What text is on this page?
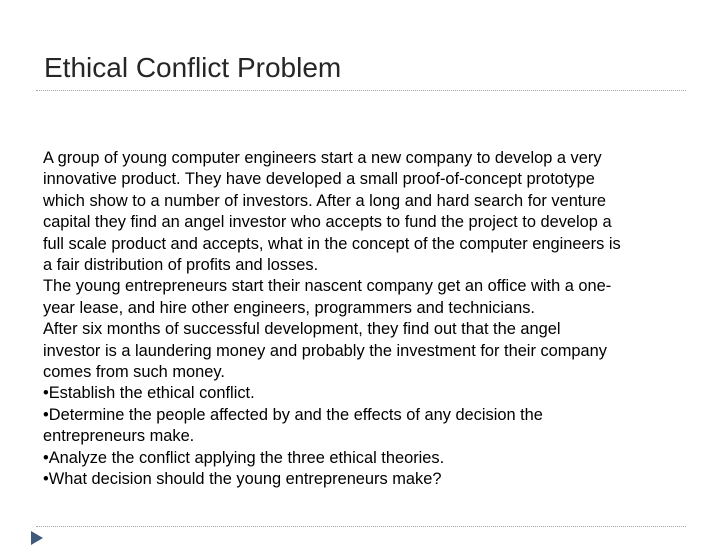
Ethical Conflict Problem
A group of young computer engineers start a new company to develop a very
innovative product. They have developed a small proof-of-concept prototype
which show to a number of investors. After a long and hard search for venture
capital they find an angel investor who accepts to fund the project to develop a
full scale product and accepts, what in the concept of the computer engineers is
a fair distribution of profits and losses.
The young entrepreneurs start their nascent company get an office with a one-
year lease, and hire other engineers, programmers and technicians.
After six months of successful development, they find out that the angel
investor is a laundering money and probably the investment for their company
comes from such money.
•Establish the ethical conflict.
•Determine the people affected by and the effects of any decision the
entrepreneurs make.
•Analyze the conflict applying the three ethical theories.
•What decision should the young entrepreneurs make?
